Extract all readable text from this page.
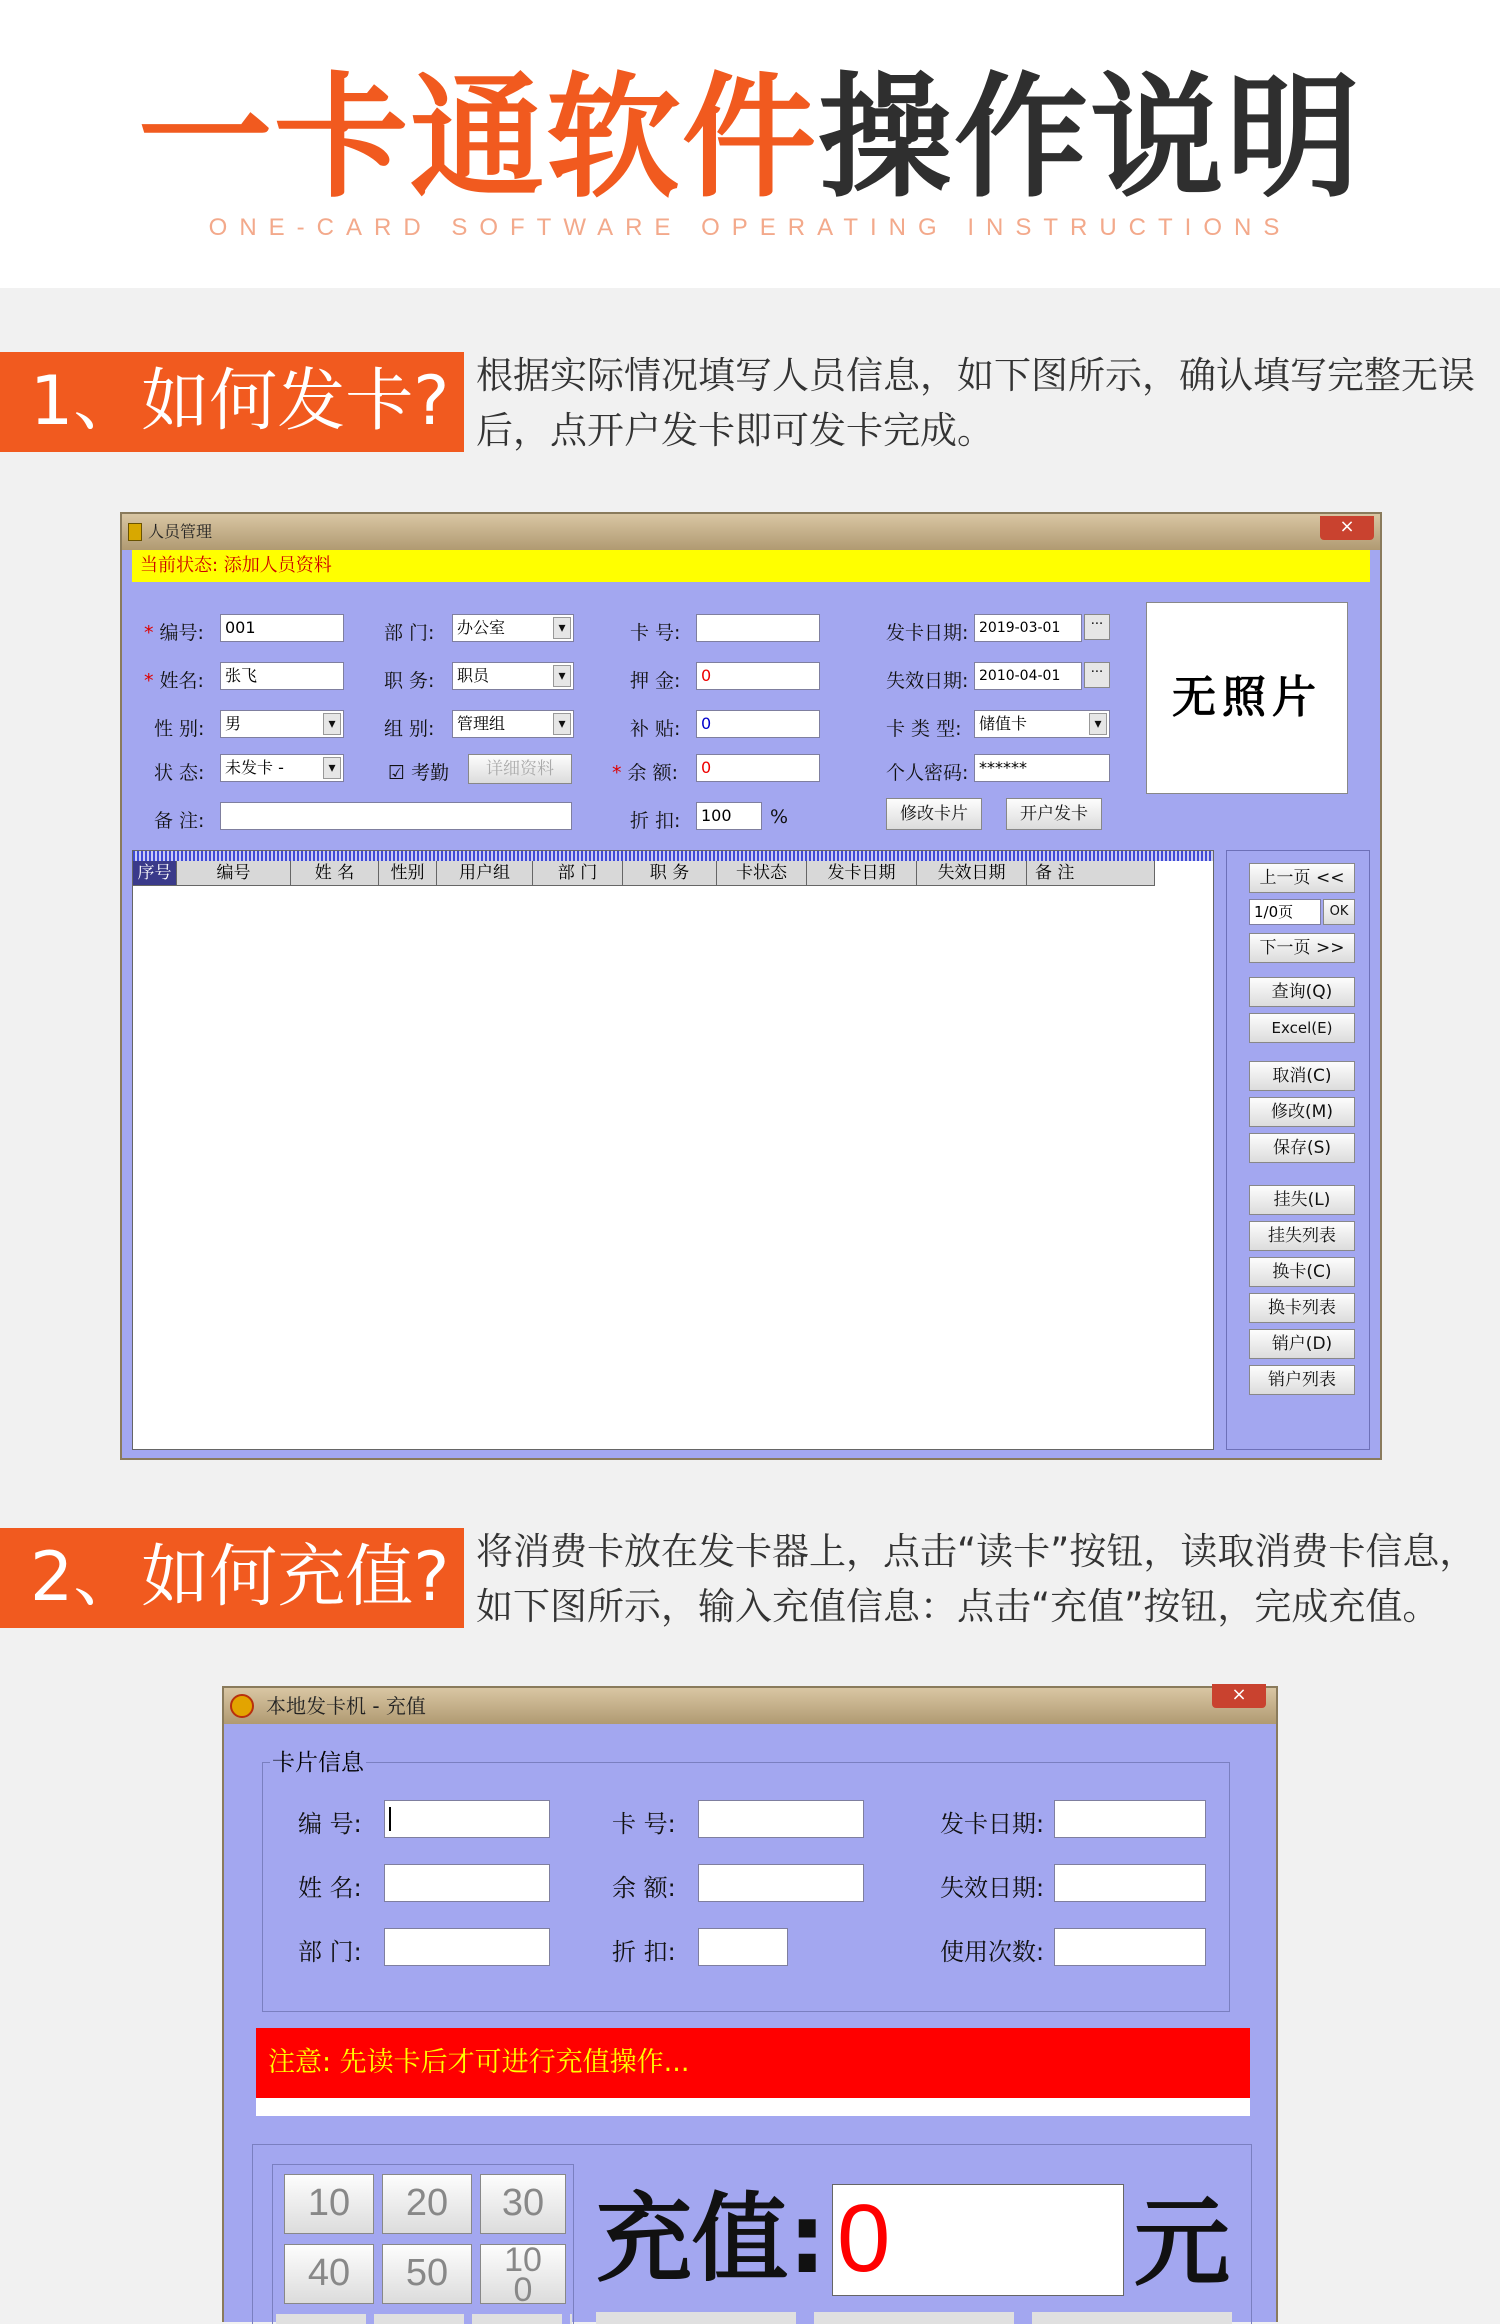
一卡通软件操作说明
ONE-CARD SOFTWARE OPERATING INSTRUCTIONS
1、如何发卡? 根据实际情况填写人员信息，如下图所示，确认填写完整无误后，点开户发卡即可发卡完成。
人员管理	×
当前状态: 添加人员资料
* 编号:	001
* 姓名:	张飞
性 别:	男 ▾
状 态:	未发卡 - ▾
备 注:
部 门:	办公室 ▾
职 务:	职员 ▾
组 别:	管理组 ▾
☑ 考勤	详细资料
卡 号:
押 金:	0
补 贴:	0
* 余 额:	0
折 扣:	100	%
发卡日期: 2019-03-01	···
失效日期: 2010-04-01	···
卡 类 型:	储值卡 ▾
个人密码: ******
修改卡片	开户发卡
无照片
序号	编号	姓 名	性别	用户组	部 门	职 务	卡状态	发卡日期	失效日期	备 注	上一页 <<
1/0页	OK
下一页 >>
查询(Q)
Excel(E)
取消(C)
修改(M)
保存(S)
挂失(L)
挂失列表
换卡(C)
换卡列表
销户(D)
销户列表
2、如何充值? 将消费卡放在发卡器上，点击“读卡”按钮，读取消费卡信息，如下图所示，输入充值信息：点击“充值”按钮，完成充值。
本地发卡机 - 充值	×
卡片信息
编 号:
姓 名:
部 门:
卡 号:
余 额:
折 扣:
发卡日期:
失效日期:
使用次数:
注意: 先读卡后才可进行充值操作...
10	20	30
40	50	100 充值: 0	元
